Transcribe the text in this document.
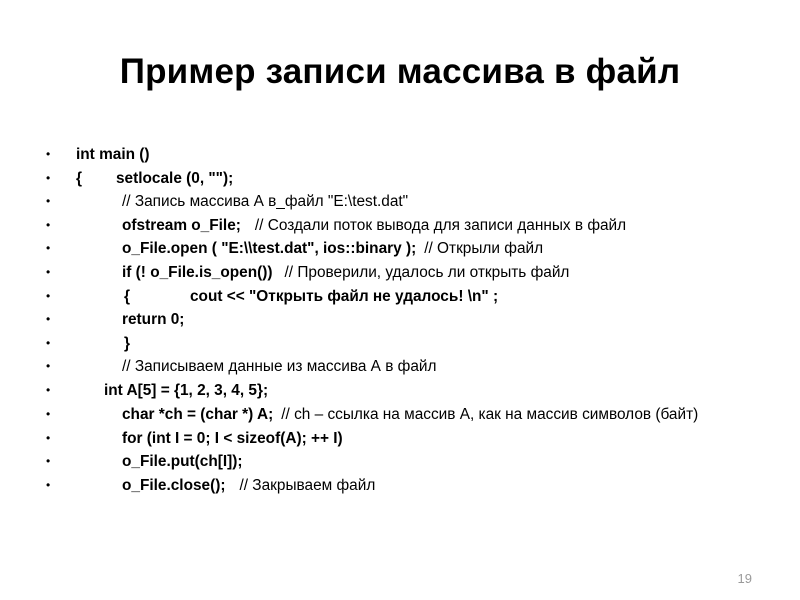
Пример записи массива в файл
• int main ()
• { setlocale (0, "");
•	// Запись массива А в_файл "E:\test.dat"
•	ofstream o_File; // Создали поток вывода для записи данных в файл
•	o_File.open ( "E:\\test.dat", ios::binary ); // Открыли файл
•	if (! o_File.is_open()) // Проверили, удалось ли открыть файл
•	{	cout << "Открыть файл не удалось! \n" ;
•	return 0;
•	}
•	// Записываем данные из массива А в файл
•	int A[5] = {1, 2, 3, 4, 5};
•	char *ch = (char *) A; // ch – ссылка на массив А, как на массив символов (байт)
•	for (int I = 0; I < sizeof(A); ++ I)
•	o_File.put(ch[I]);
•	o_File.close(); // Закрываем файл
19
